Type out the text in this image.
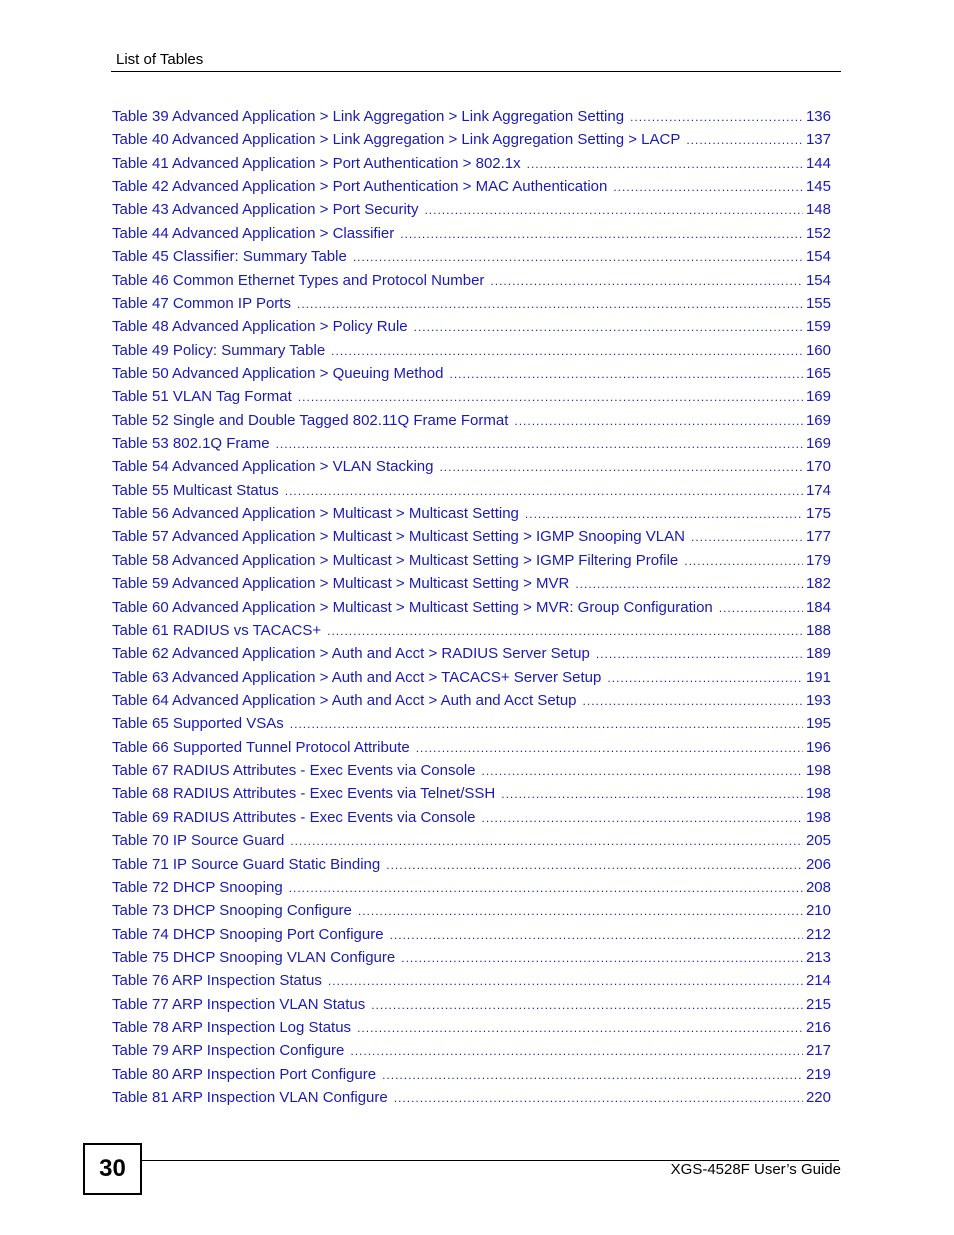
List of Tables
Table 39 Advanced Application > Link Aggregation > Link Aggregation Setting .....	136
Table 40 Advanced Application > Link Aggregation > Link Aggregation Setting > LACP .....	137
Table 41 Advanced Application > Port Authentication > 802.1x .....	144
Table 42 Advanced Application > Port Authentication > MAC Authentication .....	145
Table 43 Advanced Application > Port Security .....	148
Table 44 Advanced Application > Classifier .....	152
Table 45 Classifier: Summary Table .....	154
Table 46 Common Ethernet Types and Protocol Number .....	154
Table 47 Common IP Ports .....	155
Table 48 Advanced Application > Policy Rule .....	159
Table 49 Policy: Summary Table .....	160
Table 50 Advanced Application > Queuing Method .....	165
Table 51 VLAN Tag Format .....	169
Table 52 Single and Double Tagged 802.11Q Frame Format .....	169
Table 53 802.1Q Frame .....	169
Table 54 Advanced Application > VLAN Stacking .....	170
Table 55 Multicast Status .....	174
Table 56 Advanced Application > Multicast > Multicast Setting .....	175
Table 57 Advanced Application > Multicast > Multicast Setting > IGMP Snooping VLAN .....	177
Table 58 Advanced Application > Multicast > Multicast Setting > IGMP Filtering Profile .....	179
Table 59 Advanced Application > Multicast > Multicast Setting > MVR .....	182
Table 60 Advanced Application > Multicast > Multicast Setting > MVR: Group Configuration .....	184
Table 61 RADIUS vs TACACS+ .....	188
Table 62 Advanced Application > Auth and Acct > RADIUS Server Setup .....	189
Table 63 Advanced Application > Auth and Acct > TACACS+ Server Setup .....	191
Table 64 Advanced Application > Auth and Acct > Auth and Acct Setup .....	193
Table 65 Supported VSAs .....	195
Table 66 Supported Tunnel Protocol Attribute .....	196
Table 67 RADIUS Attributes - Exec Events via Console .....	198
Table 68 RADIUS Attributes - Exec Events via Telnet/SSH .....	198
Table 69 RADIUS Attributes - Exec Events via Console .....	198
Table 70 IP Source Guard .....	205
Table 71 IP Source Guard Static Binding .....	206
Table 72 DHCP Snooping .....	208
Table 73 DHCP Snooping Configure .....	210
Table 74 DHCP Snooping Port Configure .....	212
Table 75 DHCP Snooping VLAN Configure .....	213
Table 76 ARP Inspection Status .....	214
Table 77 ARP Inspection VLAN Status .....	215
Table 78 ARP Inspection Log Status .....	216
Table 79 ARP Inspection Configure .....	217
Table 80 ARP Inspection Port Configure .....	219
Table 81 ARP Inspection VLAN Configure .....	220
30	XGS-4528F User’s Guide
